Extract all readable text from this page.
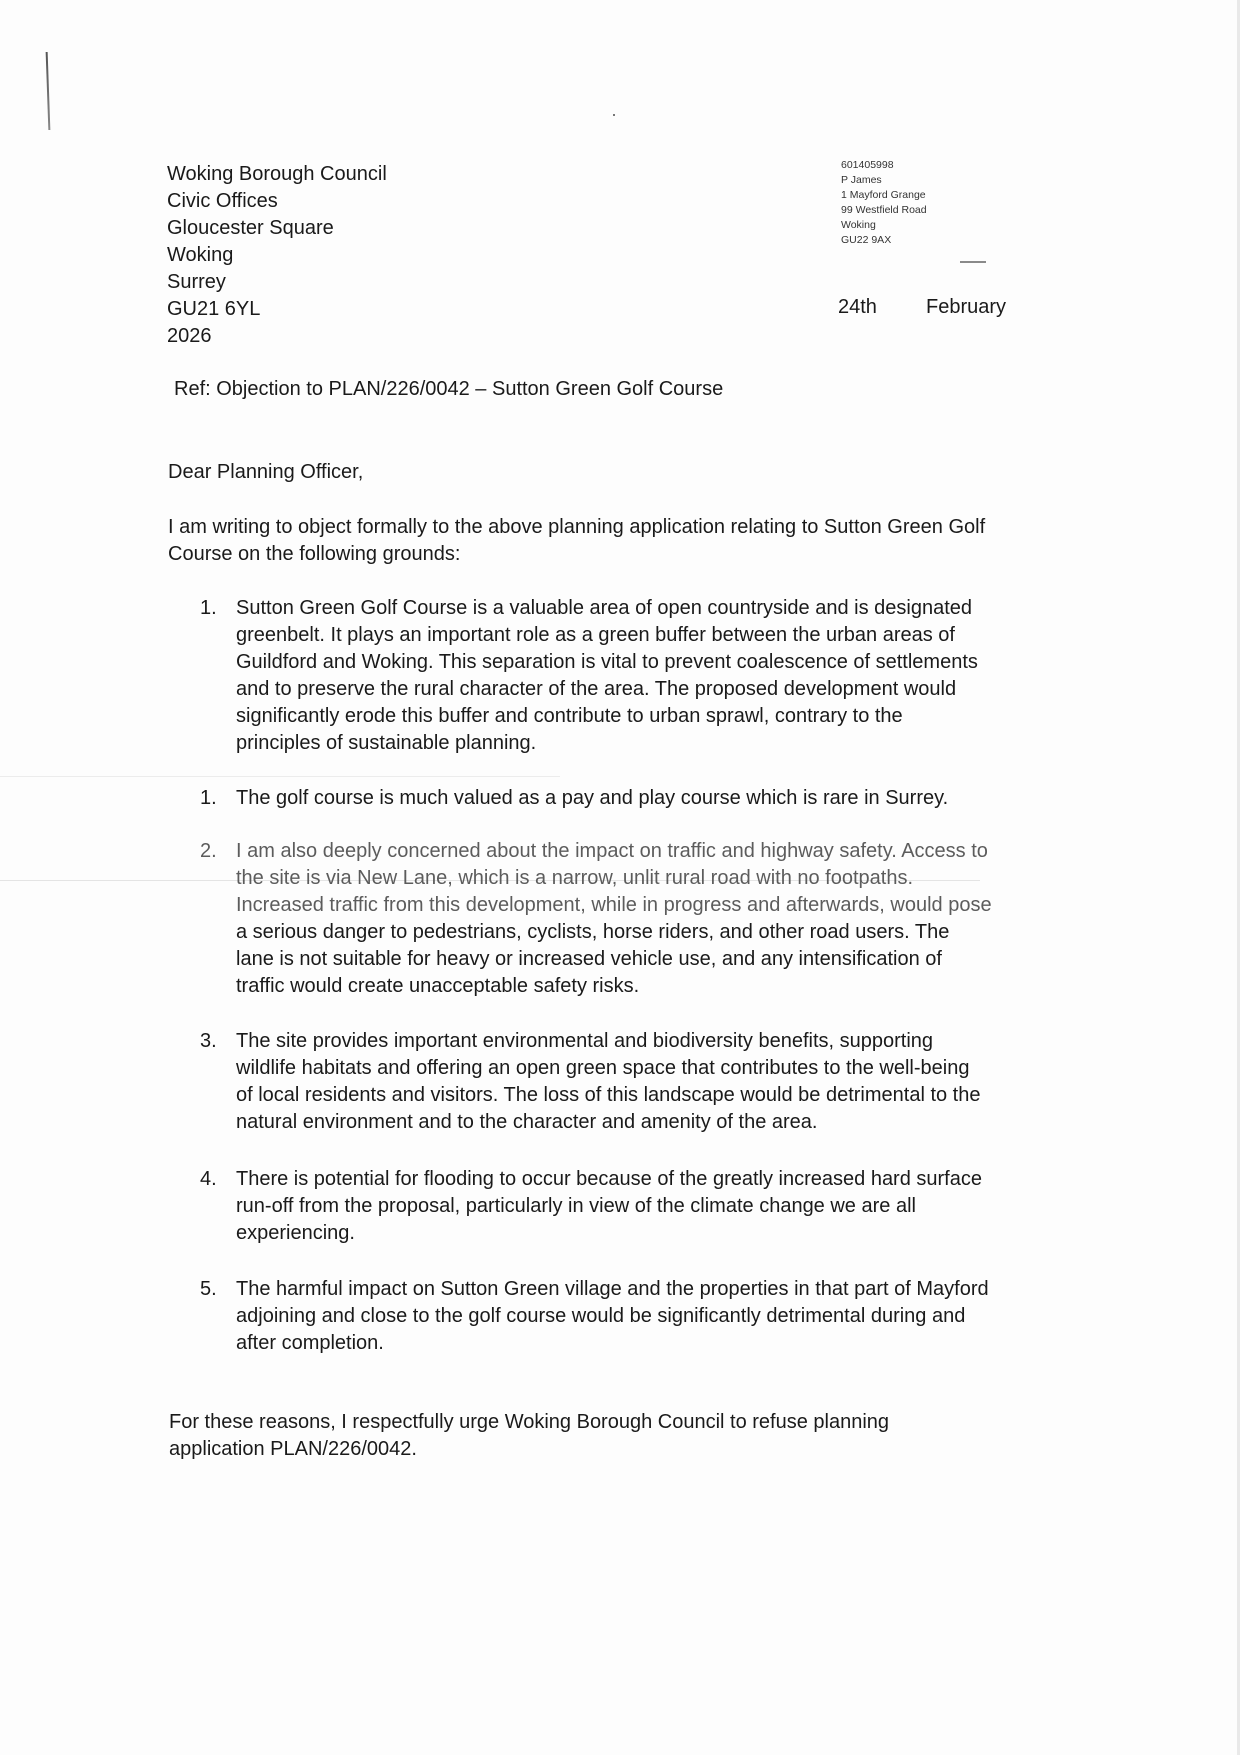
Woking Borough Council
Civic Offices
Gloucester Square
Woking
Surrey
GU21 6YL
2026
601405998
P James
1 Mayford Grange
99 Westfield Road
Woking
GU22 9AX
24th February
Ref: Objection to PLAN/226/0042 – Sutton Green Golf Course
Dear Planning Officer,
I am writing to object formally to the above planning application relating to Sutton Green Golf
Course on the following grounds:
1. Sutton Green Golf Course is a valuable area of open countryside and is designated
greenbelt. It plays an important role as a green buffer between the urban areas of
Guildford and Woking. This separation is vital to prevent coalescence of settlements
and to preserve the rural character of the area. The proposed development would
significantly erode this buffer and contribute to urban sprawl, contrary to the
principles of sustainable planning.
1. The golf course is much valued as a pay and play course which is rare in Surrey.
2. I am also deeply concerned about the impact on traffic and highway safety. Access to
the site is via New Lane, which is a narrow, unlit rural road with no footpaths.
Increased traffic from this development, while in progress and afterwards, would pose
a serious danger to pedestrians, cyclists, horse riders, and other road users. The
lane is not suitable for heavy or increased vehicle use, and any intensification of
traffic would create unacceptable safety risks.
3. The site provides important environmental and biodiversity benefits, supporting
wildlife habitats and offering an open green space that contributes to the well-being
of local residents and visitors. The loss of this landscape would be detrimental to the
natural environment and to the character and amenity of the area.
4. There is potential for flooding to occur because of the greatly increased hard surface
run-off from the proposal, particularly in view of the climate change we are all
experiencing.
5. The harmful impact on Sutton Green village and the properties in that part of Mayford
adjoining and close to the golf course would be significantly detrimental during and
after completion.
For these reasons, I respectfully urge Woking Borough Council to refuse planning
application PLAN/226/0042.
